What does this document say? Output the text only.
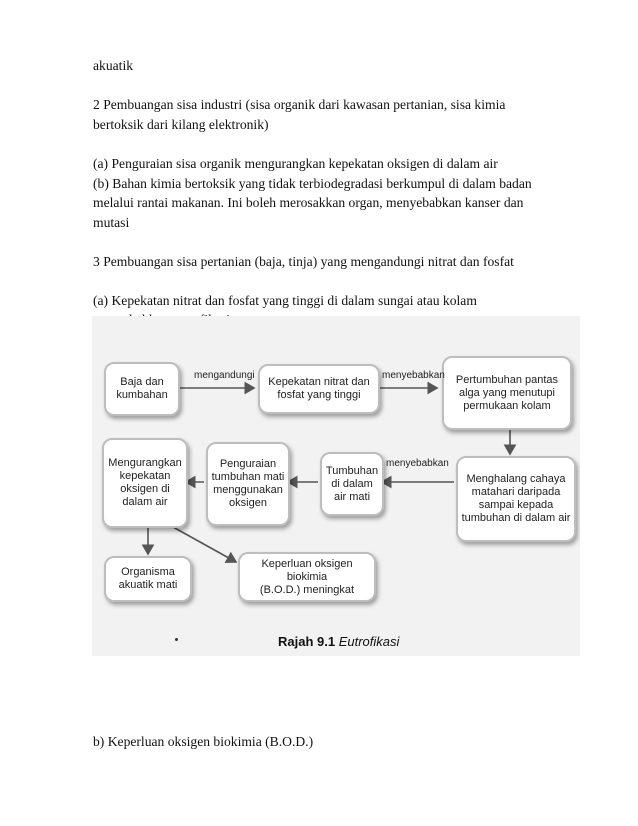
akuatik
2 Pembuangan sisa industri (sisa organik dari kawasan pertanian, sisa kimia
bertoksik dari kilang elektronik)
(a) Penguraian sisa organik mengurangkan kepekatan oksigen di dalam air
(b) Bahan kimia bertoksik yang tidak terbiodegradasi berkumpul di dalam badan
melalui rantai makanan. Ini boleh merosakkan organ, menyebabkan kanser dan
mutasi
3 Pembuangan sisa pertanian (baja, tinja) yang mengandungi nitrat dan fosfat
(a) Kepekatan nitrat dan fosfat yang tinggi di dalam sungai atau kolam
Baja dan
kumbahan
Kepekatan nitrat dan
fosfat yang tinggi
Pertumbuhan pantas
alga yang menutupi
permukaan kolam
Mengurangkan
kepekatan
oksigen di
dalam air
Penguraian
tumbuhan mati
menggunakan
oksigen
Tumbuhan
di dalam
air mati
Menghalang cahaya
matahari daripada
sampai kepada
tumbuhan di dalam air
Organisma
akuatik mati
Keperluan oksigen biokimia
(B.O.D.) meningkat
mengandungi	menyebabkan
menyebabkan
Rajah 9.1 Eutrofikasi
b) Keperluan oksigen biokimia (B.O.D.)
